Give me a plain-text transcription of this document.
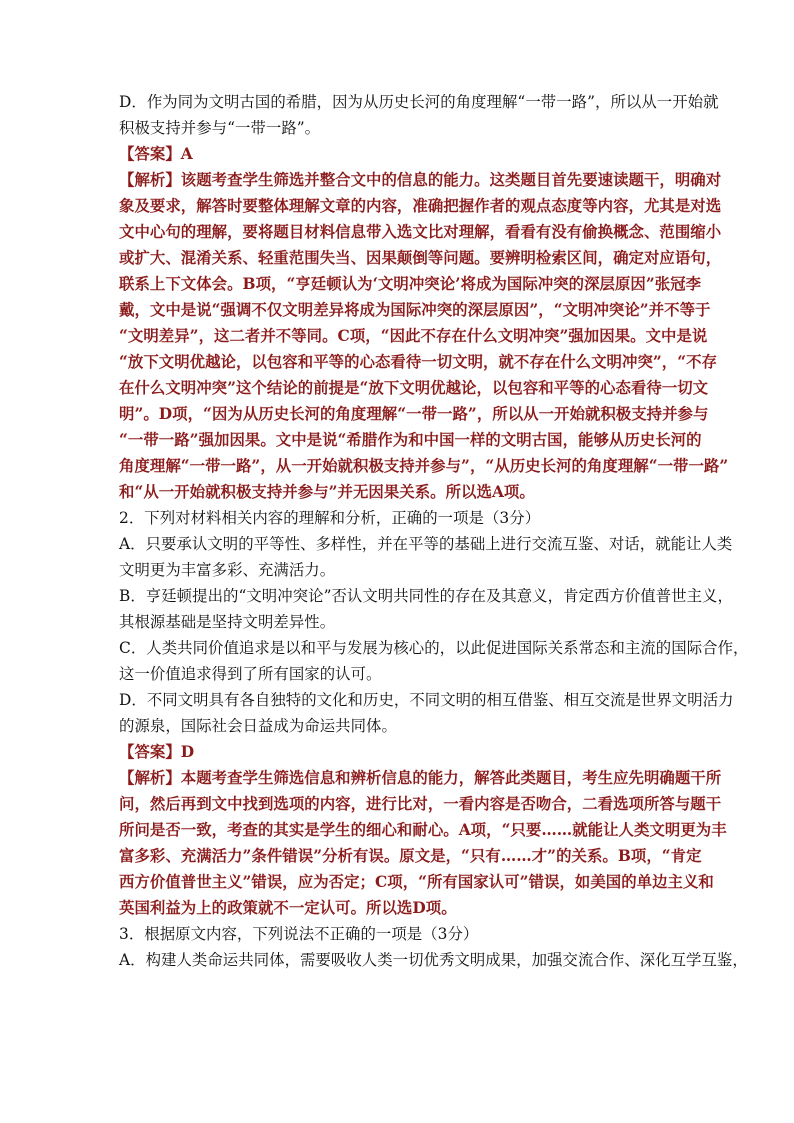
D．作为同为文明古国的希腊，因为从历史长河的角度理解“一带一路”，所以从一开始就
积极支持并参与“一带一路”。
【答案】A
【解析】该题考查学生筛选并整合文中的信息的能力。这类题目首先要速读题干，明确对
象及要求，解答时要整体理解文章的内容，准确把握作者的观点态度等内容，尤其是对选
文中心句的理解，要将题目材料信息带入选文比对理解，看看有没有偷换概念、范围缩小
或扩大、混淆关系、轻重范围失当、因果颠倒等问题。要辨明检索区间，确定对应语句，
联系上下文体会。B项，“亨廷顿认为‘文明冲突论’将成为国际冲突的深层原因”张冠李
戴，文中是说“强调不仅文明差异将成为国际冲突的深层原因”，“文明冲突论”并不等于
“文明差异”，这二者并不等同。C项，“因此不存在什么文明冲突”强加因果。文中是说
“放下文明优越论，以包容和平等的心态看待一切文明，就不存在什么文明冲突”，“不存
在什么文明冲突”这个结论的前提是“放下文明优越论，以包容和平等的心态看待一切文
明”。D项，“因为从历史长河的角度理解“一带一路”，所以从一开始就积极支持并参与
“一带一路”强加因果。文中是说“希腊作为和中国一样的文明古国，能够从历史长河的
角度理解“一带一路”，从一开始就积极支持并参与”，“从历史长河的角度理解“一带一路”
和“从一开始就积极支持并参与”并无因果关系。所以选A项。
2．下列对材料相关内容的理解和分析，正确的一项是（3分）
A．只要承认文明的平等性、多样性，并在平等的基础上进行交流互鉴、对话，就能让人类
文明更为丰富多彩、充满活力。
B．亨廷顿提出的“文明冲突论”否认文明共同性的存在及其意义，肯定西方价值普世主义，
其根源基础是坚持文明差异性。
C．人类共同价值追求是以和平与发展为核心的，以此促进国际关系常态和主流的国际合作，
这一价值追求得到了所有国家的认可。
D．不同文明具有各自独特的文化和历史，不同文明的相互借鉴、相互交流是世界文明活力
的源泉，国际社会日益成为命运共同体。
【答案】D
【解析】本题考查学生筛选信息和辨析信息的能力，解答此类题目，考生应先明确题干所
问，然后再到文中找到选项的内容，进行比对，一看内容是否吻合，二看选项所答与题干
所问是否一致，考查的其实是学生的细心和耐心。A项，“只要……就能让人类文明更为丰
富多彩、充满活力”条件错误”分析有误。原文是，“只有……才”的关系。B项，“肯定
西方价值普世主义”错误，应为否定；C项，“所有国家认可”错误，如美国的单边主义和
英国利益为上的政策就不一定认可。所以选D项。
3．根据原文内容，下列说法不正确的一项是（3分）
A．构建人类命运共同体，需要吸收人类一切优秀文明成果，加强交流合作、深化互学互鉴，
